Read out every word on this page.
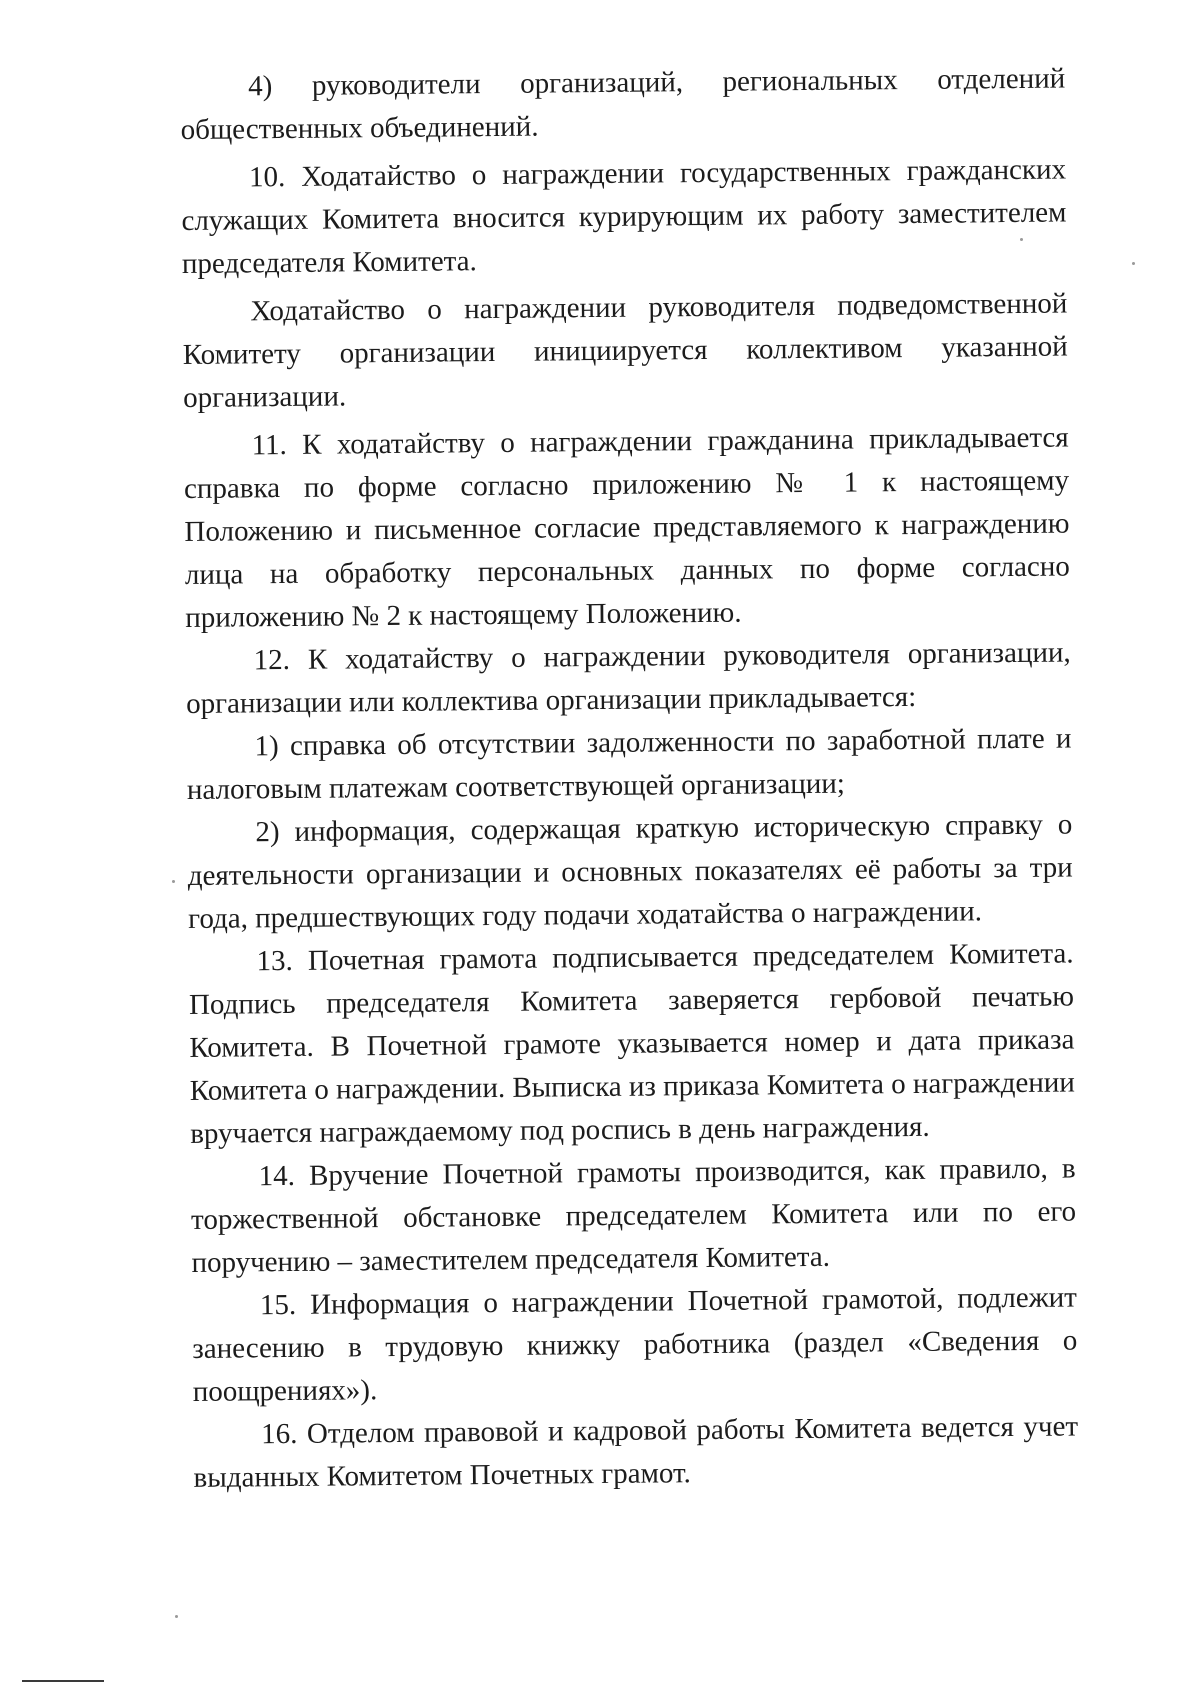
4) руководители организаций, региональных отделений общественных объединений.

10. Ходатайство о награждении государственных гражданских служащих Комитета вносится курирующим их работу заместителем председателя Комитета.

Ходатайство о награждении руководителя подведомственной Комитету организации инициируется коллективом указанной организации.

11. К ходатайству о награждении гражданина прикладывается справка по форме согласно приложению № 1 к настоящему Положению и письменное согласие представляемого к награждению лица на обработку персональных данных по форме согласно приложению № 2 к настоящему Положению.

12. К ходатайству о награждении руководителя организации, организации или коллектива организации прикладывается:

1) справка об отсутствии задолженности по заработной плате и налоговым платежам соответствующей организации;

2) информация, содержащая краткую историческую справку о деятельности организации и основных показателях её работы за три года, предшествующих году подачи ходатайства о награждении.

13. Почетная грамота подписывается председателем Комитета. Подпись председателя Комитета заверяется гербовой печатью Комитета. В Почетной грамоте указывается номер и дата приказа Комитета о награждении. Выписка из приказа Комитета о награждении вручается награждаемому под роспись в день награждения.

14. Вручение Почетной грамоты производится, как правило, в торжественной обстановке председателем Комитета или по его поручению – заместителем председателя Комитета.

15. Информация о награждении Почетной грамотой, подлежит занесению в трудовую книжку работника (раздел «Сведения о поощрениях»).

16. Отделом правовой и кадровой работы Комитета ведется учет выданных Комитетом Почетных грамот.
